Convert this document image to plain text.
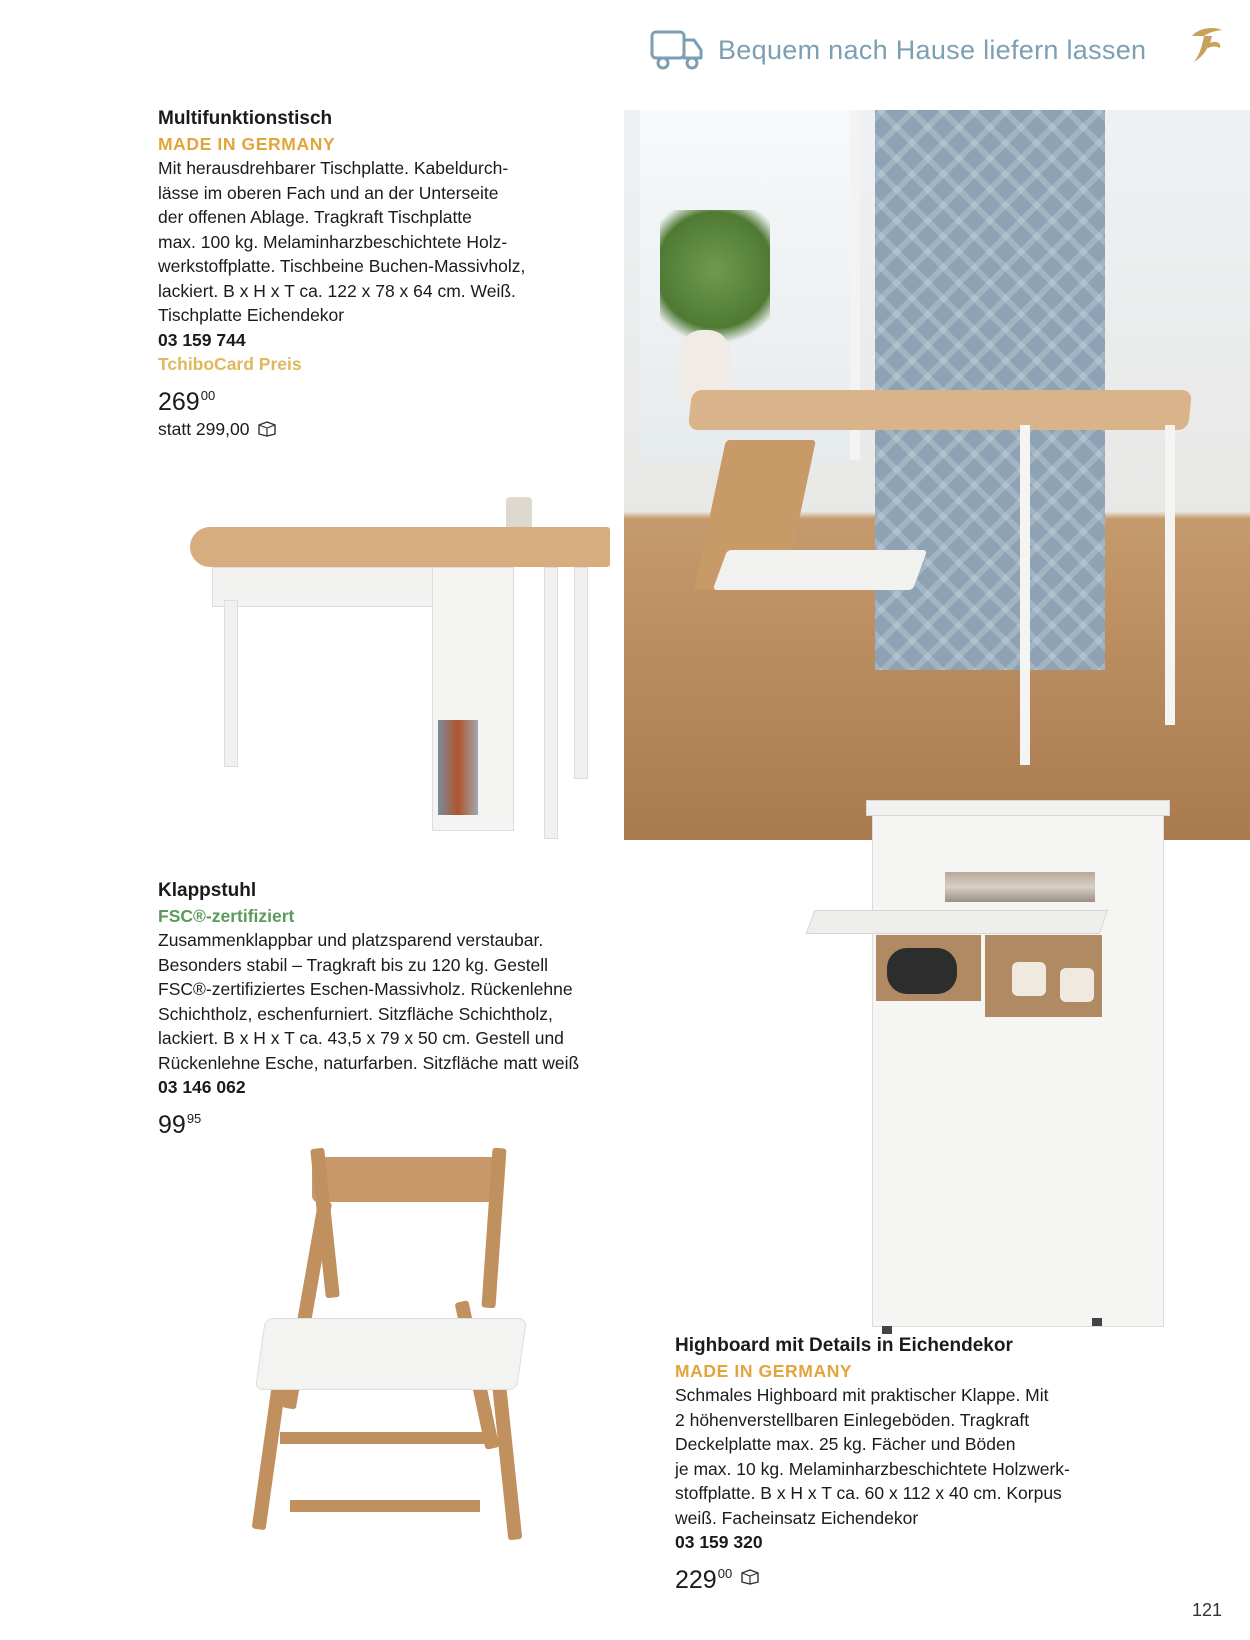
Bequem nach Hause liefern lassen
Multifunktionstisch
MADE IN GERMANY
Mit herausdrehbarer Tischplatte. Kabeldurch-
lässe im oberen Fach und an der Unterseite
der offenen Ablage. Tragkraft Tischplatte
max. 100 kg. Melaminharzbeschichtete Holz-
werkstoffplatte. Tischbeine Buchen-Massivholz,
lackiert. B x H x T ca. 122 x 78 x 64 cm. Weiß.
Tischplatte Eichendekor
03 159 744
TchiboCard Preis
$269^{00}$
statt 299,00
Klappstuhl
FSC®-zertifiziert
Zusammenklappbar und platzsparend verstaubar.
Besonders stabil – Tragkraft bis zu 120 kg. Gestell
FSC®-zertifiziertes Eschen-Massivholz. Rückenlehne
Schichtholz, eschenfurniert. Sitzfläche Schichtholz,
lackiert. B x H x T ca. 43,5 x 79 x 50 cm. Gestell und
Rückenlehne Esche, naturfarben. Sitzfläche matt weiß
03 146 062
$99^{95}$
Highboard mit Details in Eichendekor
MADE IN GERMANY
Schmales Highboard mit praktischer Klappe. Mit
2 höhenverstellbaren Einlegeböden. Tragkraft
Deckelplatte max. 25 kg. Fächer und Böden
je max. 10 kg. Melaminharzbeschichtete Holzwerk-
stoffplatte. B x H x T ca. 60 x 112 x 40 cm. Korpus
weiß. Facheinsatz Eichendekor
03 159 320
$229^{00}$
121
